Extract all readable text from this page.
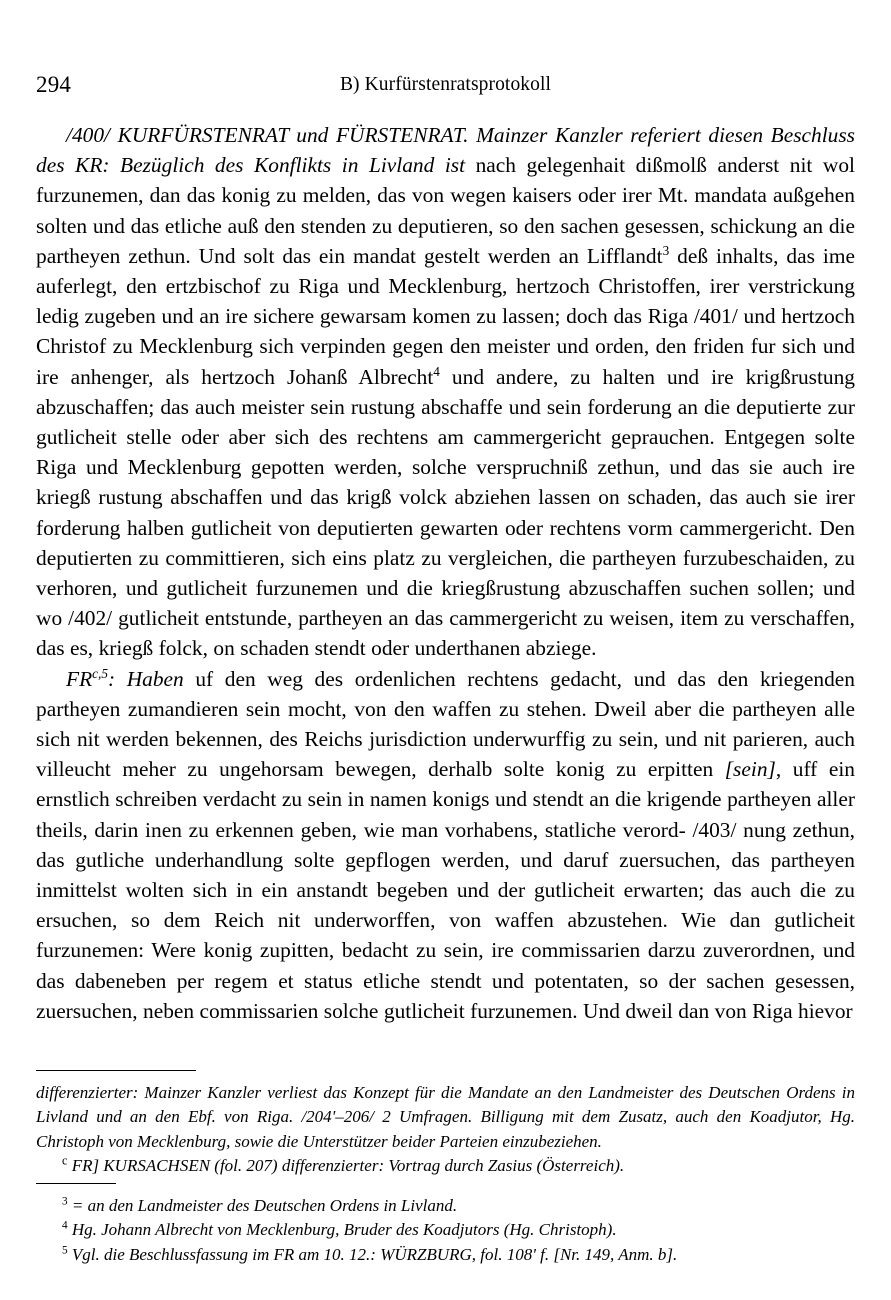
294	B) Kurfürstenratsprotokoll

/400/ KURFÜRSTENRAT und FÜRSTENRAT. Mainzer Kanzler referiert diesen Beschluss des KR: Bezüglich des Konflikts in Livland ist nach gelegenhait dißmolß anderst nit wol furzunemen, dan das konig zu melden, das von wegen kaisers oder irer Mt. mandata außgehen solten und das etliche auß den stenden zu deputieren, so den sachen gesessen, schickung an die partheyen zethun. Und solt das ein mandat gestelt werden an Lifflandt$^3$ deß inhalts, das ime auferlegt, den ertzbischof zu Riga und Mecklenburg, hertzoch Christoffen, irer verstrickung ledig zugeben und an ire sichere gewarsam komen zu lassen; doch das Riga /401/ und hertzoch Christof zu Mecklenburg sich verpinden gegen den meister und orden, den friden fur sich und ire anhenger, als hertzoch Johanß Albrecht$^4$ und andere, zu halten und ire krigßrustung abzuschaffen; das auch meister sein rustung abschaffe und sein forderung an die deputierte zur gutlicheit stelle oder aber sich des rechtens am cammergericht geprauchen. Entgegen solte Riga und Mecklenburg gepotten werden, solche verspruchniß zethun, und das sie auch ire kriegß rustung abschaffen und das krigß volck abziehen lassen on schaden, das auch sie irer forderung halben gutlicheit von deputierten gewarten oder rechtens vorm cammergericht. Den deputierten zu committieren, sich eins platz zu vergleichen, die partheyen furzubeschaiden, zu verhoren, und gutlicheit furzunemen und die kriegßrustung abzuschaffen suchen sollen; und wo /402/ gutlicheit entstunde, partheyen an das cammergericht zu weisen, item zu verschaffen, das es, kriegß folck, on schaden stendt oder underthanen abziege.

FR$^{c,5}$: Haben uf den weg des ordenlichen rechtens gedacht, und das den kriegenden partheyen zumandieren sein mocht, von den waffen zu stehen. Dweil aber die partheyen alle sich nit werden bekennen, des Reichs jurisdiction underwurffig zu sein, und nit parieren, auch villeucht meher zu ungehorsam bewegen, derhalb solte konig zu erpitten [sein], uff ein ernstlich schreiben verdacht zu sein in namen konigs und stendt an die krigende partheyen aller theils, darin inen zu erkennen geben, wie man vorhabens, statliche verord- /403/ nung zethun, das gutliche underhandlung solte gepflogen werden, und daruf zuersuchen, das partheyen inmittelst wolten sich in ein anstandt begeben und der gutlicheit erwarten; das auch die zu ersuchen, so dem Reich nit underworffen, von waffen abzustehen. Wie dan gutlicheit furzunemen: Were konig zupitten, bedacht zu sein, ire commissarien darzu zuverordnen, und das dabeneben per regem et status etliche stendt und potentaten, so der sachen gesessen, zuersuchen, neben commissarien solche gutlicheit furzunemen. Und dweil dan von Riga hievor

differenzierter: Mainzer Kanzler verliest das Konzept für die Mandate an den Landmeister des Deutschen Ordens in Livland und an den Ebf. von Riga. /204'–206/ 2 Umfragen. Billigung mit dem Zusatz, auch den Koadjutor, Hg. Christoph von Mecklenburg, sowie die Unterstützer beider Parteien einzubeziehen.

$^c$ FR] KURSACHSEN (fol. 207) differenzierter: Vortrag durch Zasius (Österreich).

$^3$ = an den Landmeister des Deutschen Ordens in Livland.

$^4$ Hg. Johann Albrecht von Mecklenburg, Bruder des Koadjutors (Hg. Christoph).

$^5$ Vgl. die Beschlussfassung im FR am 10. 12.: WÜRZBURG, fol. 108' f. [Nr. 149, Anm. b].
